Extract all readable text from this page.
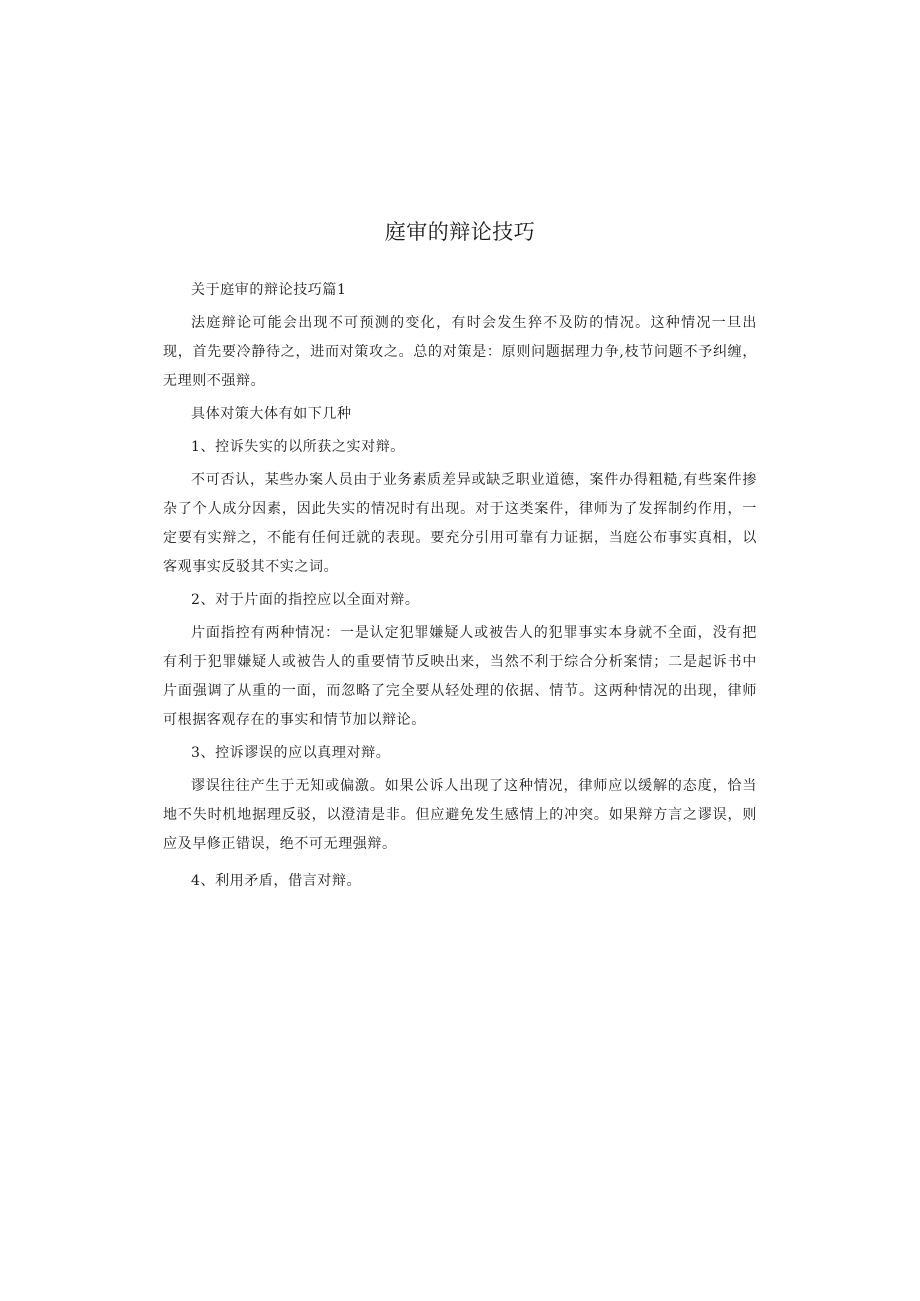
庭审的辩论技巧

关于庭审的辩论技巧篇1

法庭辩论可能会出现不可预测的变化，有时会发生猝不及防的情况。这种情况一旦出现，首先要冷静待之，进而对策攻之。总的对策是：原则问题据理力争,枝节问题不予纠缠，无理则不强辩。

具体对策大体有如下几种

1、控诉失实的以所获之实对辩。

不可否认，某些办案人员由于业务素质差异或缺乏职业道德，案件办得粗糙,有些案件掺杂了个人成分因素，因此失实的情况时有出现。对于这类案件，律师为了发挥制约作用，一定要有实辩之，不能有任何迁就的表现。要充分引用可靠有力证据，当庭公布事实真相，以客观事实反驳其不实之词。

2、对于片面的指控应以全面对辩。

片面指控有两种情况：一是认定犯罪嫌疑人或被告人的犯罪事实本身就不全面，没有把有利于犯罪嫌疑人或被告人的重要情节反映出来，当然不利于综合分析案情；二是起诉书中片面强调了从重的一面，而忽略了完全要从轻处理的依据、情节。这两种情况的出现，律师可根据客观存在的事实和情节加以辩论。

3、控诉谬误的应以真理对辩。

谬误往往产生于无知或偏激。如果公诉人出现了这种情况，律师应以缓解的态度，恰当地不失时机地据理反驳，以澄清是非。但应避免发生感情上的冲突。如果辩方言之谬误，则应及早修正错误，绝不可无理强辩。

4、利用矛盾，借言对辩。
